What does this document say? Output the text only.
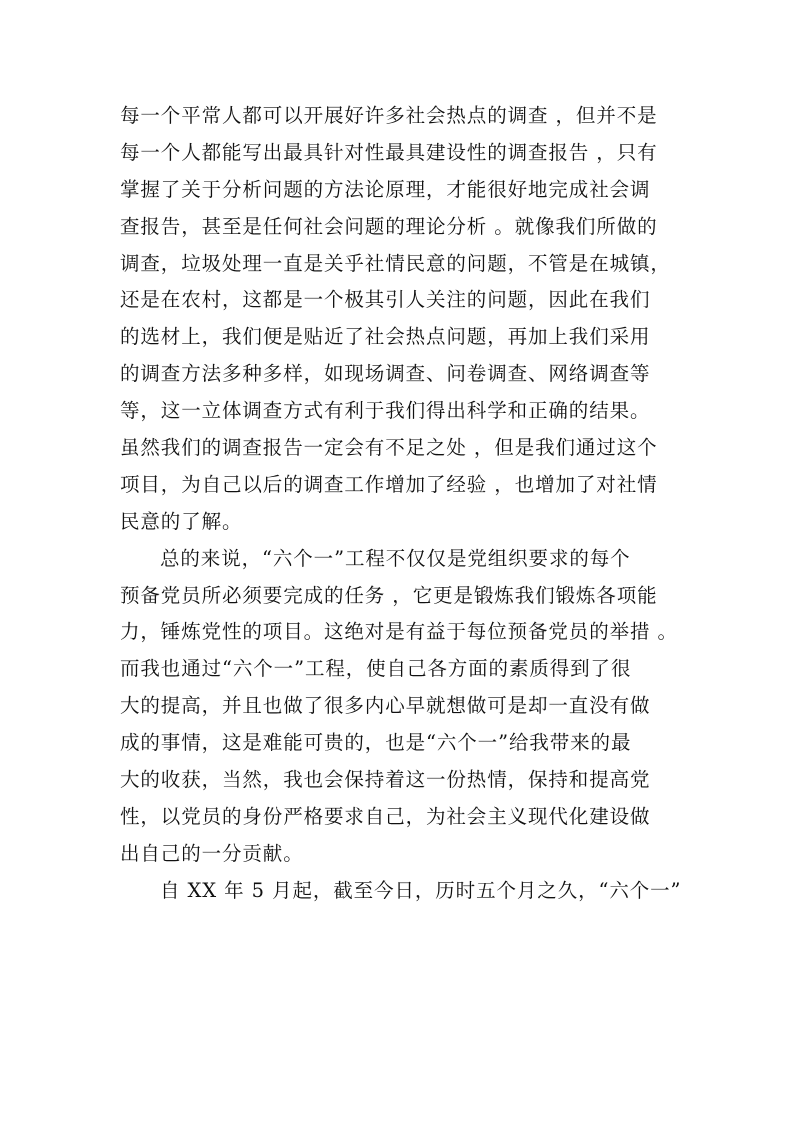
每一个平常人都可以开展好许多社会热点的调查 ，但并不是
每一个人都能写出最具针对性最具建设性的调查报告 ，只有
掌握了关于分析问题的方法论原理，才能很好地完成社会调
查报告，甚至是任何社会问题的理论分析 。就像我们所做的
调查，垃圾处理一直是关乎社情民意的问题，不管是在城镇，
还是在农村，这都是一个极其引人关注的问题，因此在我们
的选材上，我们便是贴近了社会热点问题，再加上我们采用
的调查方法多种多样，如现场调查、问卷调查、网络调查等
等，这一立体调查方式有利于我们得出科学和正确的结果。
虽然我们的调查报告一定会有不足之处 ，但是我们通过这个
项目，为自己以后的调查工作增加了经验 ，也增加了对社情
民意的了解。
总的来说，“六个一”工程不仅仅是党组织要求的每个
预备党员所必须要完成的任务 ，它更是锻炼我们锻炼各项能
力，锤炼党性的项目。这绝对是有益于每位预备党员的举措 。
而我也通过“六个一”工程，使自己各方面的素质得到了很
大的提高，并且也做了很多内心早就想做可是却一直没有做
成的事情，这是难能可贵的，也是“六个一”给我带来的最
大的收获，当然，我也会保持着这一份热情，保持和提高党
性，以党员的身份严格要求自己，为社会主义现代化建设做
出自己的一分贡献。
自 XX 年 5 月起，截至今日，历时五个月之久，“六个一”
